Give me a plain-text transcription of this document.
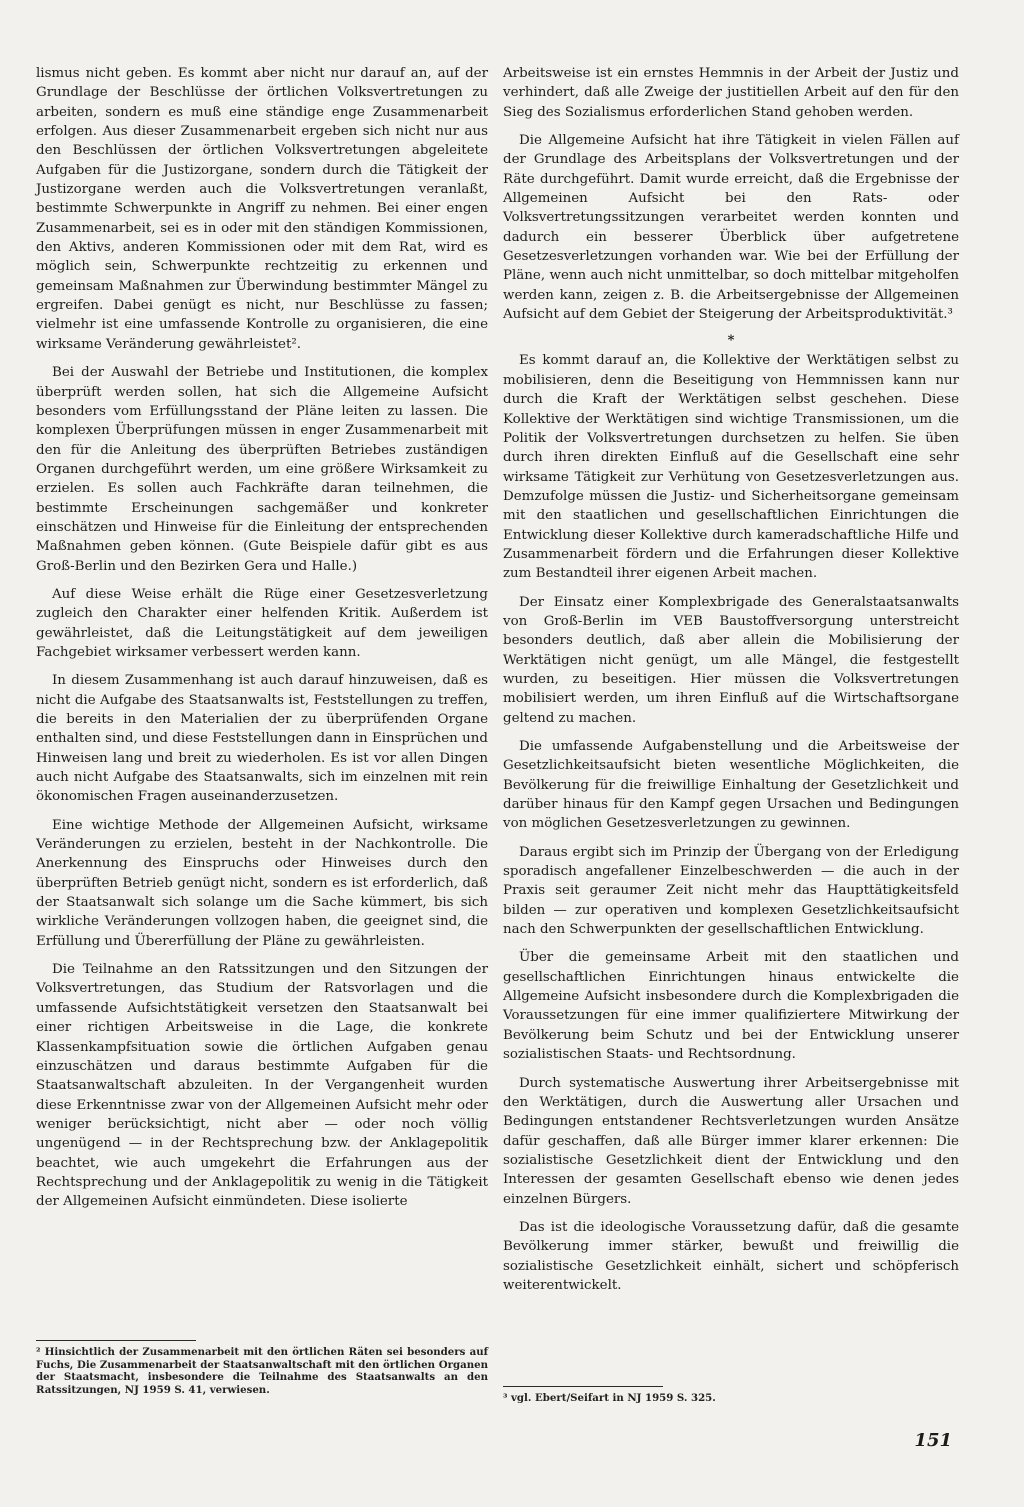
lismus nicht geben. Es kommt aber nicht nur darauf an, auf der Grundlage der Beschlüsse der örtlichen Volksvertretungen zu arbeiten, sondern es muß eine ständige enge Zusammenarbeit erfolgen. Aus dieser Zusammenarbeit ergeben sich nicht nur aus den Beschlüssen der örtlichen Volksvertretungen abgeleitete Aufgaben für die Justizorgane, sondern durch die Tätigkeit der Justizorgane werden auch die Volksvertretungen veranlaßt, bestimmte Schwerpunkte in Angriff zu nehmen. Bei einer engen Zusammenarbeit, sei es in oder mit den ständigen Kommissionen, den Aktivs, anderen Kommissionen oder mit dem Rat, wird es möglich sein, Schwerpunkte rechtzeitig zu erkennen und gemeinsam Maßnahmen zur Überwindung bestimmter Mängel zu ergreifen. Dabei genügt es nicht, nur Beschlüsse zu fassen; vielmehr ist eine umfassende Kontrolle zu organisieren, die eine wirksame Veränderung gewährleistet².

Bei der Auswahl der Betriebe und Institutionen, die komplex überprüft werden sollen, hat sich die Allgemeine Aufsicht besonders vom Erfüllungsstand der Pläne leiten zu lassen. Die komplexen Überprüfungen müssen in enger Zusammenarbeit mit den für die Anleitung des überprüften Betriebes zuständigen Organen durchgeführt werden, um eine größere Wirksamkeit zu erzielen. Es sollen auch Fachkräfte daran teilnehmen, die bestimmte Erscheinungen sachgemäßer und konkreter einschätzen und Hinweise für die Einleitung der entsprechenden Maßnahmen geben können. (Gute Beispiele dafür gibt es aus Groß-Berlin und den Bezirken Gera und Halle.)

Auf diese Weise erhält die Rüge einer Gesetzesverletzung zugleich den Charakter einer helfenden Kritik. Außerdem ist gewährleistet, daß die Leitungstätigkeit auf dem jeweiligen Fachgebiet wirksamer verbessert werden kann.

In diesem Zusammenhang ist auch darauf hinzuweisen, daß es nicht die Aufgabe des Staatsanwalts ist, Feststellungen zu treffen, die bereits in den Materialien der zu überprüfenden Organe enthalten sind, und diese Feststellungen dann in Einsprüchen und Hinweisen lang und breit zu wiederholen. Es ist vor allen Dingen auch nicht Aufgabe des Staatsanwalts, sich im einzelnen mit rein ökonomischen Fragen auseinanderzusetzen.

Eine wichtige Methode der Allgemeinen Aufsicht, wirksame Veränderungen zu erzielen, besteht in der Nachkontrolle. Die Anerkennung des Einspruchs oder Hinweises durch den überprüften Betrieb genügt nicht, sondern es ist erforderlich, daß der Staatsanwalt sich solange um die Sache kümmert, bis sich wirkliche Veränderungen vollzogen haben, die geeignet sind, die Erfüllung und Übererfüllung der Pläne zu gewährleisten.

Die Teilnahme an den Ratssitzungen und den Sitzungen der Volksvertretungen, das Studium der Ratsvorlagen und die umfassende Aufsichtstätigkeit versetzen den Staatsanwalt bei einer richtigen Arbeitsweise in die Lage, die konkrete Klassenkampfsituation sowie die örtlichen Aufgaben genau einzuschätzen und daraus bestimmte Aufgaben für die Staatsanwaltschaft abzuleiten. In der Vergangenheit wurden diese Erkenntnisse zwar von der Allgemeinen Aufsicht mehr oder weniger berücksichtigt, nicht aber — oder noch völlig ungenügend — in der Rechtsprechung bzw. der Anklagepolitik beachtet, wie auch umgekehrt die Erfahrungen aus der Rechtsprechung und der Anklagepolitik zu wenig in die Tätigkeit der Allgemeinen Aufsicht einmündeten. Diese isolierte

Arbeitsweise ist ein ernstes Hemmnis in der Arbeit der Justiz und verhindert, daß alle Zweige der justitiellen Arbeit auf den für den Sieg des Sozialismus erforderlichen Stand gehoben werden.

Die Allgemeine Aufsicht hat ihre Tätigkeit in vielen Fällen auf der Grundlage des Arbeitsplans der Volksvertretungen und der Räte durchgeführt. Damit wurde erreicht, daß die Ergebnisse der Allgemeinen Aufsicht bei den Rats- oder Volksvertretungssitzungen verarbeitet werden konnten und dadurch ein besserer Überblick über aufgetretene Gesetzesverletzungen vorhanden war. Wie bei der Erfüllung der Pläne, wenn auch nicht unmittelbar, so doch mittelbar mitgeholfen werden kann, zeigen z. B. die Arbeitsergebnisse der Allgemeinen Aufsicht auf dem Gebiet der Steigerung der Arbeitsproduktivität.³

*

Es kommt darauf an, die Kollektive der Werktätigen selbst zu mobilisieren, denn die Beseitigung von Hemmnissen kann nur durch die Kraft der Werktätigen selbst geschehen. Diese Kollektive der Werktätigen sind wichtige Transmissionen, um die Politik der Volksvertretungen durchsetzen zu helfen. Sie üben durch ihren direkten Einfluß auf die Gesellschaft eine sehr wirksame Tätigkeit zur Verhütung von Gesetzesverletzungen aus. Demzufolge müssen die Justiz- und Sicherheitsorgane gemeinsam mit den staatlichen und gesellschaftlichen Einrichtungen die Entwicklung dieser Kollektive durch kameradschaftliche Hilfe und Zusammenarbeit fördern und die Erfahrungen dieser Kollektive zum Bestandteil ihrer eigenen Arbeit machen.

Der Einsatz einer Komplexbrigade des Generalstaatsanwalts von Groß-Berlin im VEB Baustoffversorgung unterstreicht besonders deutlich, daß aber allein die Mobilisierung der Werktätigen nicht genügt, um alle Mängel, die festgestellt wurden, zu beseitigen. Hier müssen die Volksvertretungen mobilisiert werden, um ihren Einfluß auf die Wirtschaftsorgane geltend zu machen.

Die umfassende Aufgabenstellung und die Arbeitsweise der Gesetzlichkeitsaufsicht bieten wesentliche Möglichkeiten, die Bevölkerung für die freiwillige Einhaltung der Gesetzlichkeit und darüber hinaus für den Kampf gegen Ursachen und Bedingungen von möglichen Gesetzesverletzungen zu gewinnen.

Daraus ergibt sich im Prinzip der Übergang von der Erledigung sporadisch angefallener Einzelbeschwerden — die auch in der Praxis seit geraumer Zeit nicht mehr das Haupttätigkeitsfeld bilden — zur operativen und komplexen Gesetzlichkeitsaufsicht nach den Schwerpunkten der gesellschaftlichen Entwicklung.

Über die gemeinsame Arbeit mit den staatlichen und gesellschaftlichen Einrichtungen hinaus entwickelte die Allgemeine Aufsicht insbesondere durch die Komplexbrigaden die Voraussetzungen für eine immer qualifiziertere Mitwirkung der Bevölkerung beim Schutz und bei der Entwicklung unserer sozialistischen Staats- und Rechtsordnung.

Durch systematische Auswertung ihrer Arbeitsergebnisse mit den Werktätigen, durch die Auswertung aller Ursachen und Bedingungen entstandener Rechtsverletzungen wurden Ansätze dafür geschaffen, daß alle Bürger immer klarer erkennen: Die sozialistische Gesetzlichkeit dient der Entwicklung und den Interessen der gesamten Gesellschaft ebenso wie denen jedes einzelnen Bürgers.

Das ist die ideologische Voraussetzung dafür, daß die gesamte Bevölkerung immer stärker, bewußt und freiwillig die sozialistische Gesetzlichkeit einhält, sichert und schöpferisch weiterentwickelt.

² Hinsichtlich der Zusammenarbeit mit den örtlichen Räten sei besonders auf Fuchs, Die Zusammenarbeit der Staatsanwaltschaft mit den örtlichen Organen der Staatsmacht, insbesondere die Teilnahme des Staatsanwalts an den Ratssitzungen, NJ 1959 S. 41, verwiesen.
³ vgl. Ebert/Seifart in NJ 1959 S. 325.
151
